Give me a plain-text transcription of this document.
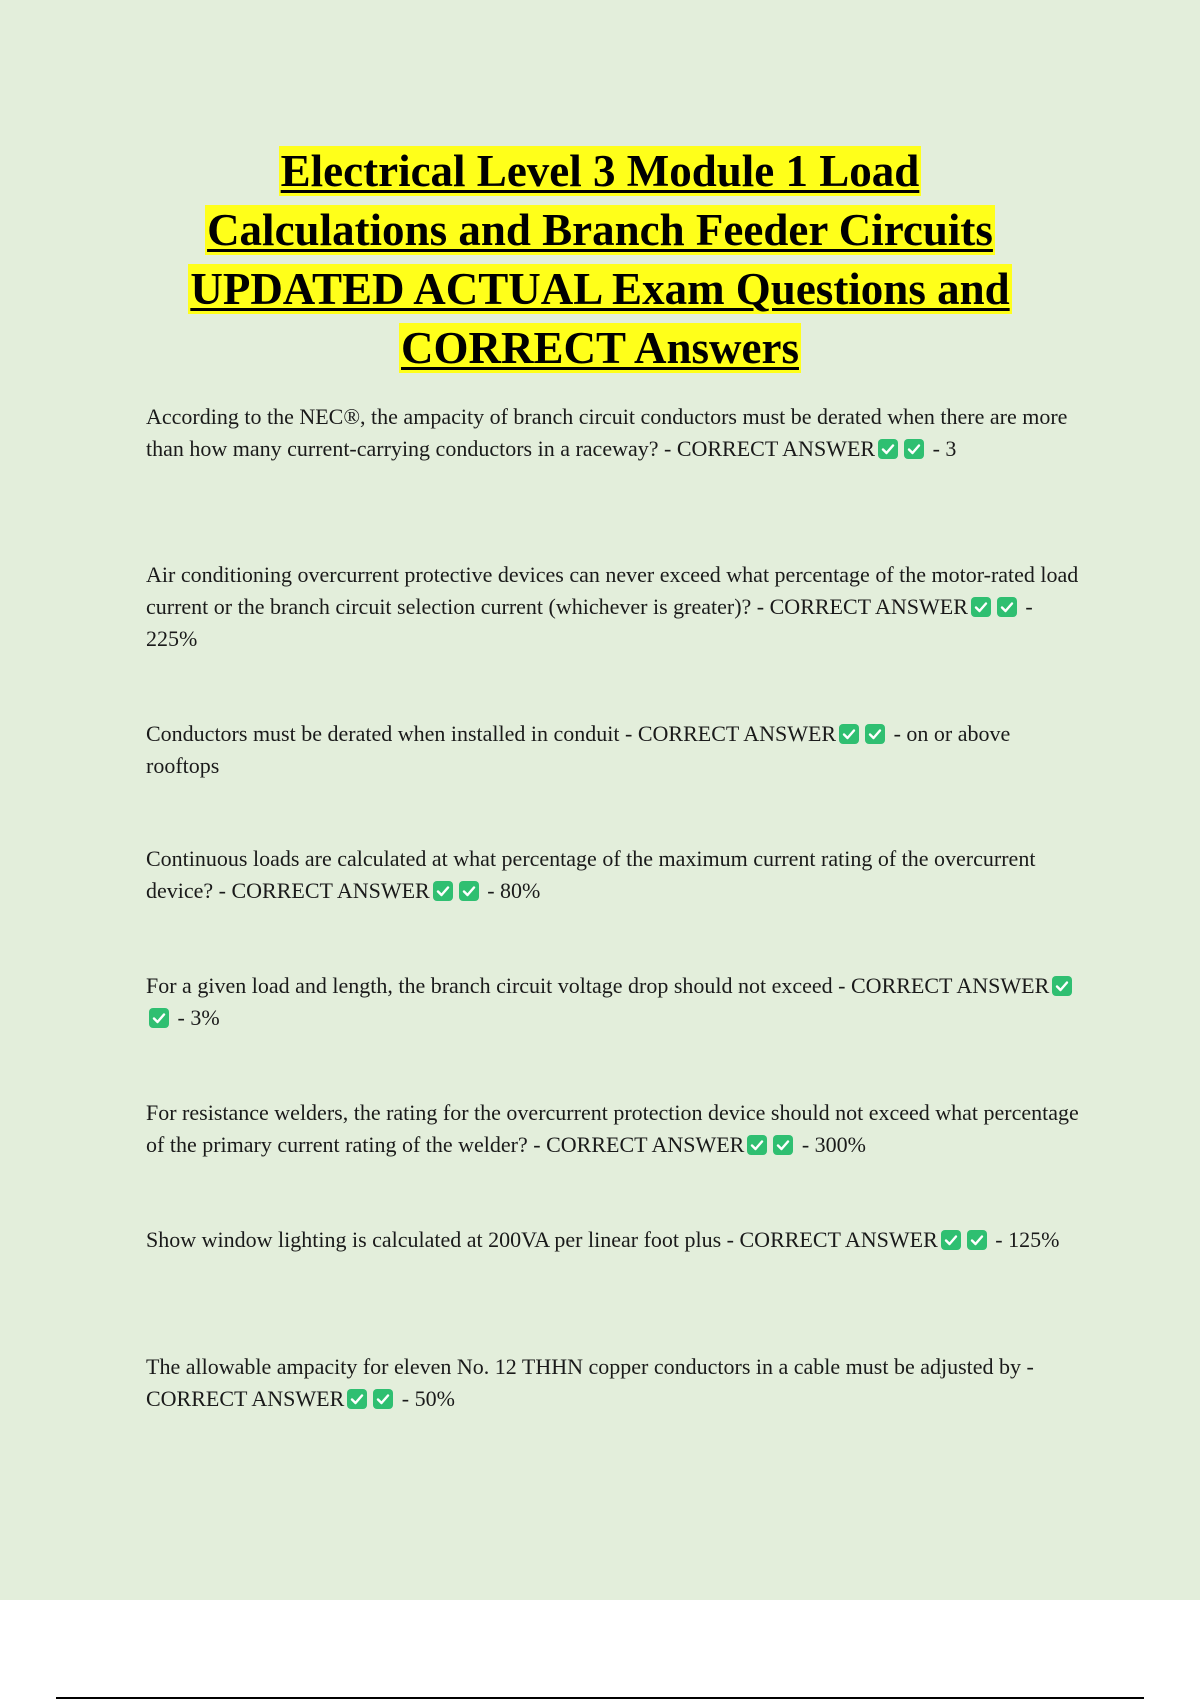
Electrical Level 3 Module 1 Load
Calculations and Branch Feeder Circuits
UPDATED ACTUAL Exam Questions and
CORRECT Answers

According to the NEC®, the ampacity of branch circuit conductors must be derated when there are more than how many current-carrying conductors in a raceway? - CORRECT ANSWER	- 3

Air conditioning overcurrent protective devices can never exceed what percentage of the motor-rated load current or the branch circuit selection current (whichever is greater)? - CORRECT ANSWER	- 225%

Conductors must be derated when installed in conduit - CORRECT ANSWER	- on or above rooftops

Continuous loads are calculated at what percentage of the maximum current rating of the overcurrent device? - CORRECT ANSWER	- 80%

For a given load and length, the branch circuit voltage drop should not exceed - CORRECT ANSWER
- 3%

For resistance welders, the rating for the overcurrent protection device should not exceed what percentage of the primary current rating of the welder? - CORRECT ANSWER	- 300%

Show window lighting is calculated at 200VA per linear foot plus - CORRECT ANSWER	- 125%

The allowable ampacity for eleven No. 12 THHN copper conductors in a cable must be adjusted by - CORRECT ANSWER	- 50%
